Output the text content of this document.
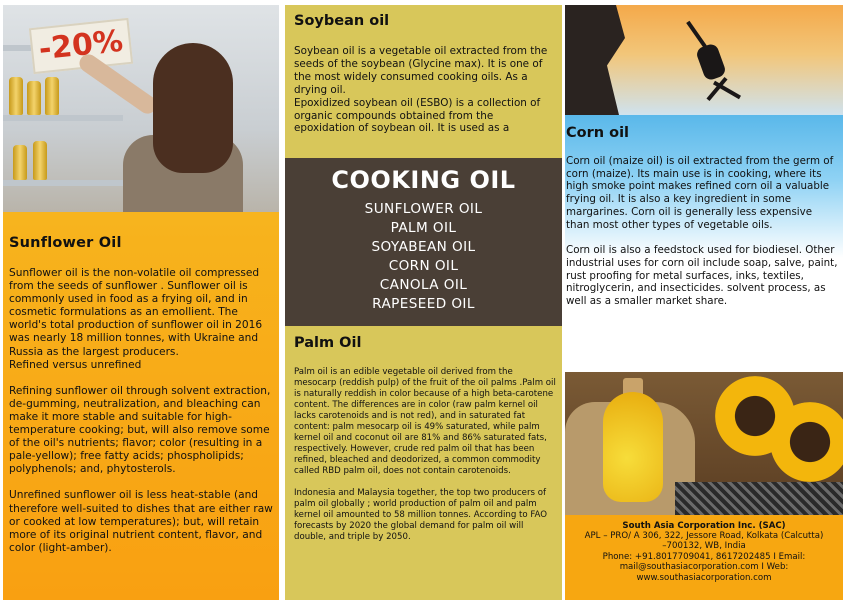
-20%
Sunflower Oil
Sunflower oil is the non-volatile oil compressed from the seeds of sunflower . Sunflower oil is commonly used in food as a frying oil, and in cosmetic formulations as an emollient. The world's total production of sunflower oil in 2016 was nearly 18 million tonnes, with Ukraine and Russia as the largest producers.
Refined versus unrefined
Refining sunflower oil through solvent extraction, de-gumming, neutralization, and bleaching can make it more stable and suitable for high-temperature cooking; but, will also remove some of the oil's nutrients; flavor; color (resulting in a pale-yellow); free fatty acids; phospholipids; polyphenols; and, phytosterols.
Unrefined sunflower oil is less heat-stable (and therefore well-suited to dishes that are either raw or cooked at low temperatures); but, will retain more of its original nutrient content, flavor, and color (light-amber).
Soybean oil
Soybean oil is a vegetable oil extracted from the seeds of the soybean (Glycine max). It is one of the most widely consumed cooking oils. As a drying oil.
Epoxidized soybean oil (ESBO) is a collection of organic compounds obtained from the epoxidation of soybean oil. It is used as a
COOKING OIL
SUNFLOWER OIL
PALM OIL
SOYABEAN OIL
CORN OIL
CANOLA OIL
RAPESEED OIL
Palm Oil
Palm oil is an edible vegetable oil derived from the mesocarp (reddish pulp) of the fruit of the oil palms .Palm oil is naturally reddish in color because of a high beta-carotene content. The differences are in color (raw palm kernel oil lacks carotenoids and is not red), and in saturated fat content: palm mesocarp oil is 49% saturated, while palm kernel oil and coconut oil are 81% and 86% saturated fats, respectively. However, crude red palm oil that has been refined, bleached and deodorized, a common commodity called RBD palm oil, does not contain carotenoids.
Indonesia and Malaysia together, the top two producers of palm oil globally ; world production of palm oil and palm kernel oil amounted to 58 million tonnes. According to FAO forecasts by 2020 the global demand for palm oil will double, and triple by 2050.
Corn oil
Corn oil (maize oil) is oil extracted from the germ of corn (maize). Its main use is in cooking, where its high smoke point makes refined corn oil a valuable frying oil. It is also a key ingredient in some margarines. Corn oil is generally less expensive than most other types of vegetable oils.
Corn oil is also a feedstock used for biodiesel. Other industrial uses for corn oil include soap, salve, paint, rust proofing for metal surfaces, inks, textiles, nitroglycerin, and insecticides. solvent process, as well as a smaller market share.
South Asia Corporation Inc. (SAC)
APL – PRO/ A 306, 322, Jessore Road, Kolkata (Calcutta)
–700132, WB, India
Phone: +91.8017709041, 8617202485 I Email:
mail@southasiacorporation.com I Web:
www.southasiacorporation.com
